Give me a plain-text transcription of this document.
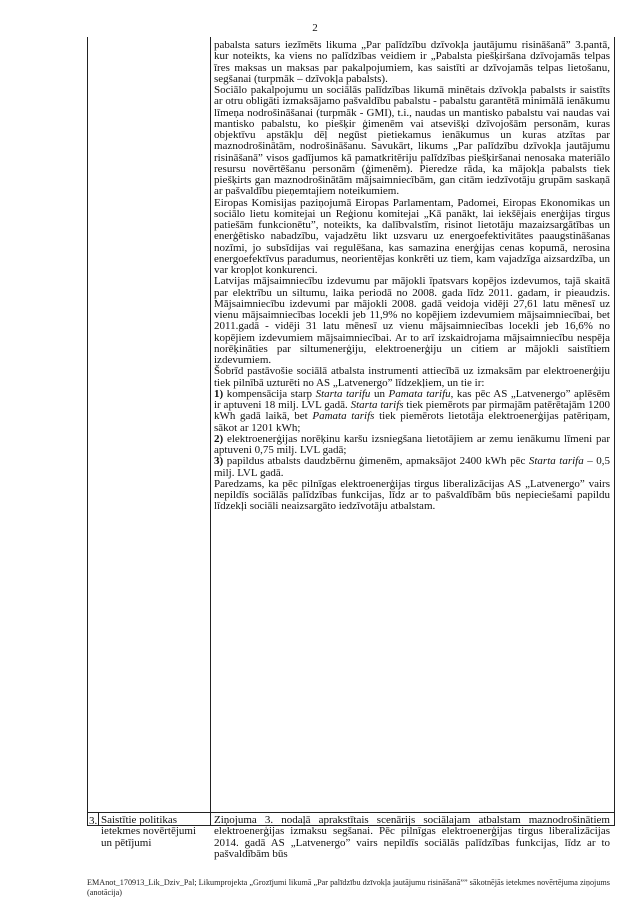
2

pabalsta saturs iezīmēts likuma „Par palīdzību dzīvokļa jautājumu risināšanā” 3.pantā, kur noteikts, ka viens no palīdzības veidiem ir „Pabalsta piešķiršana dzīvojamās telpas īres maksas un maksas par pakalpojumiem, kas saistīti ar dzīvojamās telpas lietošanu, segšanai (turpmāk – dzīvokļa pabalsts).

Sociālo pakalpojumu un sociālās palīdzības likumā minētais dzīvokļa pabalsts ir saistīts ar otru obligāti izmaksājamo pašvaldību pabalstu - pabalstu garantētā minimālā ienākumu līmeņa nodrošināšanai (turpmāk - GMI), t.i., naudas un mantisko pabalstu vai naudas vai mantisko pabalstu, ko piešķir ģimenēm vai atsevišķi dzīvojošām personām, kuras objektīvu apstākļu dēļ negūst pietiekamus ienākumus un kuras atzītas par maznodrošinātām, nodrošināšanu. Savukārt, likums „Par palīdzību dzīvokļa jautājumu risināšanā” visos gadījumos kā pamatkritēriju palīdzības piešķiršanai nenosaka materiālo resursu novērtēšanu personām (ģimenēm). Pieredze rāda, ka mājokļa pabalsts tiek piešķirts gan maznodrošinātām mājsaimniecībām, gan citām iedzīvotāju grupām saskaņā ar pašvaldību pieņemtajiem noteikumiem.

Eiropas Komisijas paziņojumā Eiropas Parlamentam, Padomei, Eiropas Ekonomikas un sociālo lietu komitejai un Reģionu komitejai „Kā panākt, lai iekšējais enerģijas tirgus patiešām funkcionētu”, noteikts, ka dalībvalstīm, risinot lietotāju mazaizsargātības un enerģētisko nabadzību, vajadzētu likt uzsvaru uz energoefektivitātes paaugstināšanas nozīmi, jo subsīdijas vai regulēšana, kas samazina enerģijas cenas kopumā, nerosina energoefektīvus paradumus, neorientējas konkrēti uz tiem, kam vajadzīga aizsardzība, un var kropļot konkurenci.

Latvijas mājsaimniecību izdevumu par mājokli īpatsvars kopējos izdevumos, tajā skaitā par elektrību un siltumu, laika periodā no 2008. gada līdz 2011. gadam, ir pieaudzis. Mājsaimniecību izdevumi par mājokli 2008. gadā veidoja vidēji 27,61 latu mēnesī uz vienu mājsaimniecības locekli jeb 11,9% no kopējiem izdevumiem mājsaimniecībai, bet 2011.gadā - vidēji 31 latu mēnesī uz vienu mājsaimniecības locekli jeb 16,6% no kopējiem izdevumiem mājsaimniecībai. Ar to arī izskaidrojama mājsaimniecību nespēja norēķināties par siltumenerģiju, elektroenerģiju un citiem ar mājokli saistītiem izdevumiem.

Šobrīd pastāvošie sociālā atbalsta instrumenti attiecībā uz izmaksām par elektroenerģiju tiek pilnībā uzturēti no AS „Latvenergo” līdzekļiem, un tie ir:

1) kompensācija starp Starta tarifu un Pamata tarifu, kas pēc AS „Latvenergo” aplēsēm ir aptuveni 18 milj. LVL gadā. Starta tarifs tiek piemērots par pirmajām patērētajām 1200 kWh gadā laikā, bet Pamata tarifs tiek piemērots lietotāja elektroenerģijas patēriņam, sākot ar 1201 kWh;

2) elektroenerģijas norēķinu karšu izsniegšana lietotājiem ar zemu ienākumu līmeni par aptuveni 0,75 milj. LVL gadā;

3) papildus atbalsts daudzbērnu ģimenēm, apmaksājot 2400 kWh pēc Starta tarifa – 0,5 milj. LVL gadā.

Paredzams, ka pēc pilnīgas elektroenerģijas tirgus liberalizācijas AS „Latvenergo” vairs nepildīs sociālās palīdzības funkcijas, līdz ar to pašvaldībām būs nepieciešami papildu līdzekļi sociāli neaizsargāto iedzīvotāju atbalstam.

3. Saistītie politikas ietekmes novērtējumi un pētījumi
Ziņojuma 3. nodaļā aprakstītais scenārijs sociālajam atbalstam maznodrošinātiem elektroenerģijas izmaksu segšanai. Pēc pilnīgas elektroenerģijas tirgus liberalizācijas 2014. gadā AS „Latvenergo” vairs nepildīs sociālās palīdzības funkcijas, līdz ar to pašvaldībām būs
EMAnot_170913_Lik_Dziv_Pal; Likumprojekta „Grozījumi likumā „Par palīdzību dzīvokļa jautājumu risināšanā”” sākotnējās ietekmes novērtējuma ziņojums (anotācija)
